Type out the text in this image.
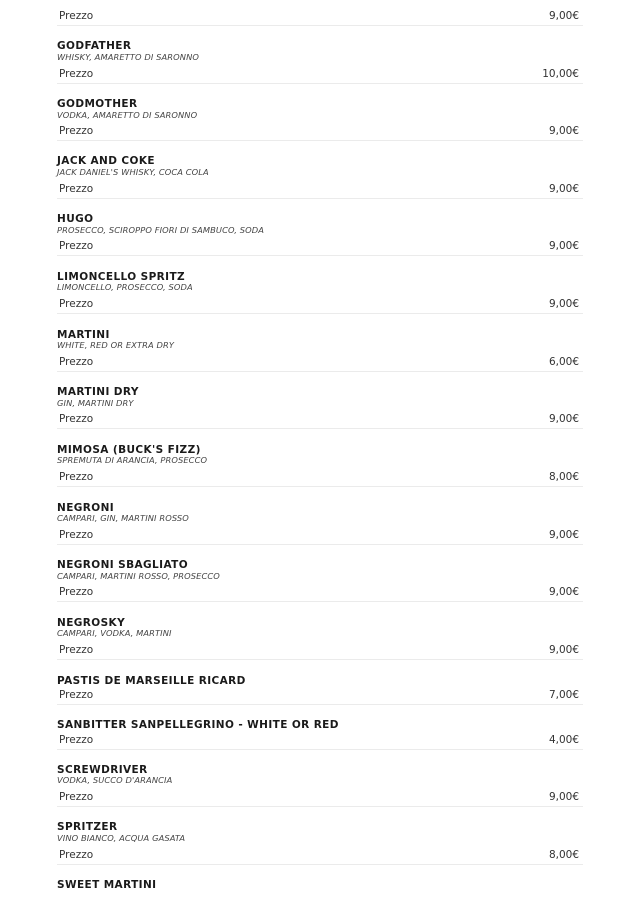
Prezzo	9,00€
GODFATHER
WHISKY, AMARETTO DI SARONNO
Prezzo	10,00€
GODMOTHER
VODKA, AMARETTO DI SARONNO
Prezzo	9,00€
JACK AND COKE
JACK DANIEL'S WHISKY, COCA COLA
Prezzo	9,00€
HUGO
PROSECCO, SCIROPPO FIORI DI SAMBUCO, SODA
Prezzo	9,00€
LIMONCELLO SPRITZ
LIMONCELLO, PROSECCO, SODA
Prezzo	9,00€
MARTINI
WHITE, RED OR EXTRA DRY
Prezzo	6,00€
MARTINI DRY
GIN, MARTINI DRY
Prezzo	9,00€
MIMOSA (BUCK'S FIZZ)
SPREMUTA DI ARANCIA, PROSECCO
Prezzo	8,00€
NEGRONI
CAMPARI, GIN, MARTINI ROSSO
Prezzo	9,00€
NEGRONI SBAGLIATO
CAMPARI, MARTINI ROSSO, PROSECCO
Prezzo	9,00€
NEGROSKY
CAMPARI, VODKA, MARTINI
Prezzo	9,00€
PASTIS DE MARSEILLE RICARD
Prezzo	7,00€
SANBITTER SANPELLEGRINO - WHITE OR RED
Prezzo	4,00€
SCREWDRIVER
VODKA, SUCCO D'ARANCIA
Prezzo	9,00€
SPRITZER
VINO BIANCO, ACQUA GASATA
Prezzo	8,00€
SWEET MARTINI
